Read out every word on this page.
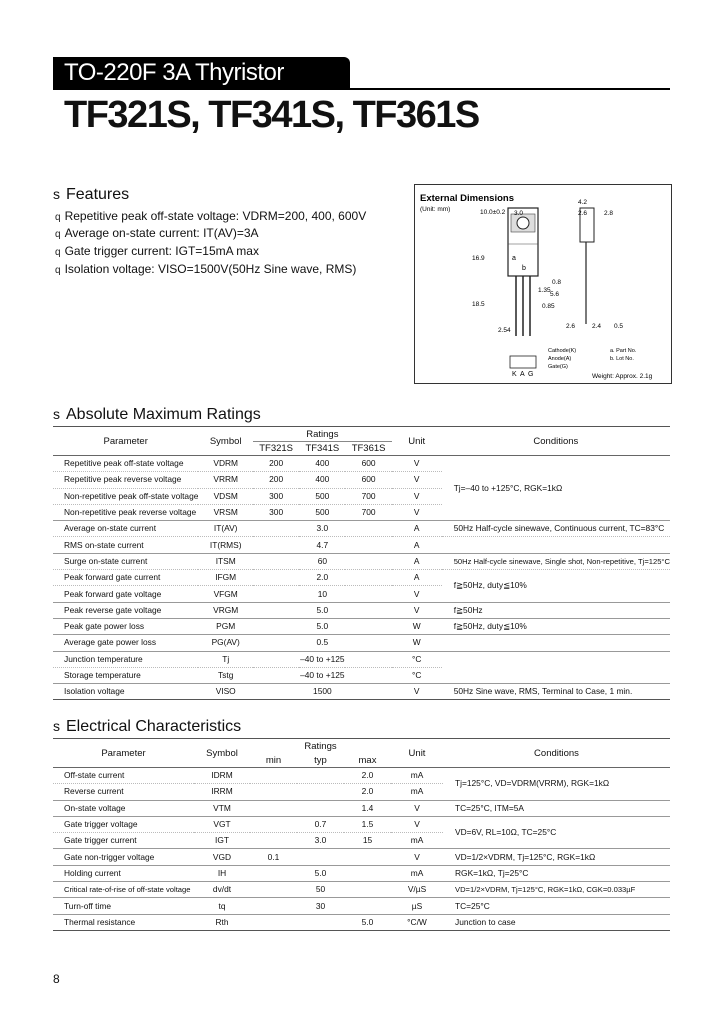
TO-220F 3A Thyristor
TF321S, TF341S, TF361S
s Features
q Repetitive peak off-state voltage: VDRM=200, 400, 600V
q Average on-state current: IT(AV)=3A
q Gate trigger current: IGT=15mA max
q Isolation voltage: VISO=1500V(50Hz Sine wave, RMS)
External Dimensions
(Unit: mm)
a
b
10.0±0.2 3.0
4.2
2.6	2.8
0.8
16.9
5.6
18.5
2.54
1.35
0.85
2.6	2.4 0.5
K A G
Cathode(K)
Anode(A)
Gate(G)
a. Part No.
b. Lot No.
Weight: Approx. 2.1g
s Absolute Maximum Ratings
Parameter	Symbol	Ratings			Unit	Conditions
		TF321S	TF341S	TF361S		
Repetitive peak off-state voltage	VDRM	200	400	600	V	Tj=–40 to +125°C, RGK=1kΩ
Repetitive peak reverse voltage	VRRM	200	400	600	V	
Non-repetitive peak off-state voltage	VDSM	300	500	700	V	
Non-repetitive peak reverse voltage	VRSM	300	500	700	V	
Average on-state current	IT(AV)	3.0			A	50Hz Half-cycle sinewave, Continuous current, TC=83°C
RMS on-state current	IT(RMS)	4.7			A	
Surge on-state current	ITSM	60			A	50Hz Half-cycle sinewave, Single shot, Non-repetitive, Tj=125°C
Peak forward gate current	IFGM	2.0			A	f≧50Hz, duty≦10%
Peak forward gate voltage	VFGM	10			V	
Peak reverse gate voltage	VRGM	5.0			V	f≧50Hz
Peak gate power loss	PGM	5.0			W	f≧50Hz, duty≦10%
Average gate power loss	PG(AV)	0.5			W	
Junction temperature	Tj	–40 to +125			°C	
Storage temperature	Tstg	–40 to +125			°C	
Isolation voltage	VISO	1500			V	50Hz Sine wave, RMS, Terminal to Case, 1 min.
s Electrical Characteristics
Parameter	Symbol	Ratings			Unit	Conditions
		min	typ	max		
Off-state current	IDRM			2.0	mA	Tj=125°C, VD=VDRM(VRRM), RGK=1kΩ
Reverse current	IRRM			2.0	mA	
On-state voltage	VTM			1.4	V	TC=25°C, ITM=5A
Gate trigger voltage	VGT		0.7	1.5	V	VD=6V, RL=10Ω, TC=25°C
Gate trigger current	IGT		3.0	15	mA	
Gate non-trigger voltage	VGD	0.1			V	VD=1/2×VDRM, Tj=125°C, RGK=1kΩ
Holding current	IH		5.0		mA	RGK=1kΩ, Tj=25°C
Critical rate-of-rise of off-state voltage	dv/dt		50		V/µS	VD=1/2×VDRM, Tj=125°C, RGK=1kΩ, CGK=0.033µF
Turn-off time	tq		30		µS	TC=25°C
Thermal resistance	Rth			5.0	°C/W	Junction to case
8
